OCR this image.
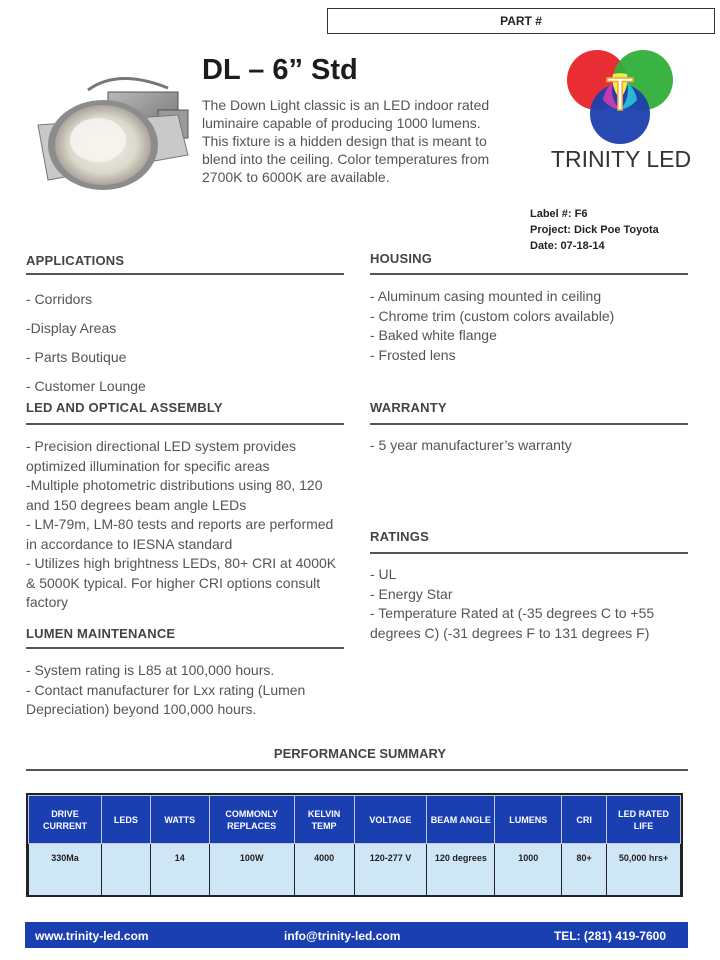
PART #
DL – 6” Std
The Down Light classic is an LED indoor rated luminaire capable of producing 1000 lumens. This fixture is a hidden design that is meant to blend into the ceiling. Color temperatures from 2700K to 6000K are available.
T
TRINITY LED
Label #: F6
Project: Dick Poe Toyota
Date: 07-18-14
APPLICATIONS
- Corridors
-Display Areas
- Parts Boutique
- Customer Lounge
HOUSING
- Aluminum casing mounted in ceiling
- Chrome trim (custom colors available)
- Baked white flange
- Frosted lens
LED AND OPTICAL ASSEMBLY
- Precision directional LED system provides optimized illumination for specific areas
-Multiple photometric distributions using 80, 120 and 150 degrees beam angle LEDs
- LM-79m, LM-80 tests and reports are performed in accordance to IESNA standard
- Utilizes high brightness LEDs, 80+ CRI at 4000K & 5000K typical. For higher CRI options consult factory
WARRANTY
- 5 year manufacturer’s warranty
RATINGS
- UL
- Energy Star
- Temperature Rated at (-35 degrees C to +55 degrees C) (-31 degrees F to 131 degrees F)
LUMEN MAINTENANCE
- System rating is L85 at 100,000 hours.
- Contact manufacturer for Lxx rating (Lumen Depreciation) beyond 100,000 hours.
PERFORMANCE SUMMARY
DRIVE CURRENT	LEDS	WATTS	COMMONLY REPLACES	KELVIN TEMP	VOLTAGE	BEAM ANGLE	LUMENS	CRI	LED RATED LIFE
330Ma		14	100W	4000	120-277 V	120 degrees	1000	80+	50,000 hrs+
www.trinity-led.com	info@trinity-led.com	TEL: (281) 419-7600
